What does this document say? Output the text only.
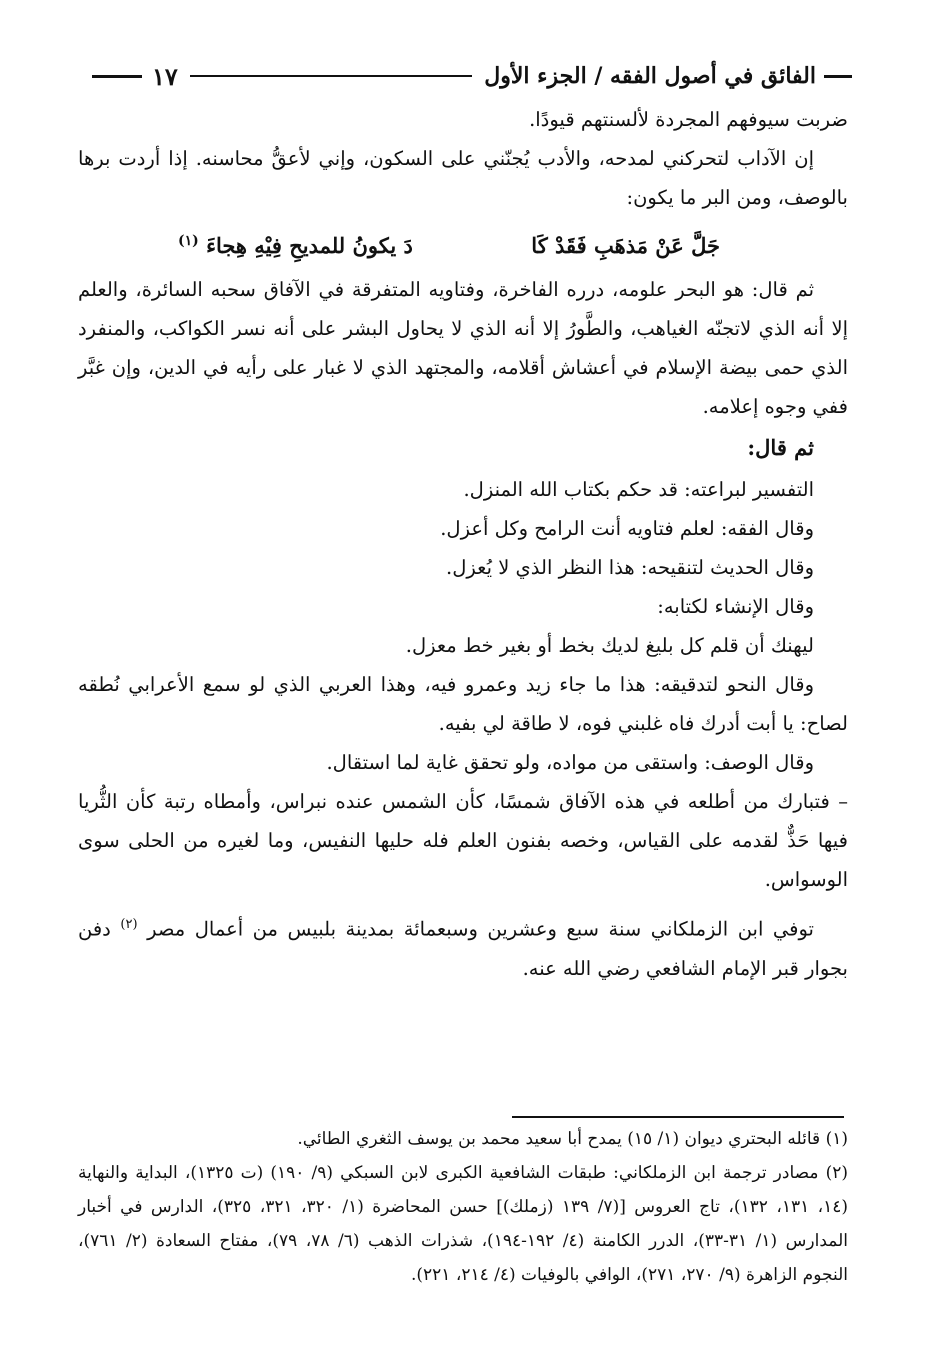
الفائق في أصول الفقه / الجزء الأول
١٧

ضربت سيوفهم المجردة لألسنتهم قيودًا.

إن الآداب لتحركني لمدحه، والأدب يُجنّني على السكون، وإني لأعقُّ محاسنه. إذا أردت برها بالوصف، ومن البر ما يكون:

جَلَّ عَنْ مَذهَبِ فَقَدْ كَا
دَ يكونُ للمديحِ فِيْهِ هِجاءَ $^{(١)}$

ثم قال: هو البحر علومه، درره الفاخرة، وفتاويه المتفرقة في الآفاق سحبه السائرة، والعلم إلا أنه الذي لاتجنّه الغياهب، والطَّورُ إلا أنه الذي لا يحاول البشر على أنه نسر الكواكب، والمنفرد الذي حمى بيضة الإسلام في أعشاش أقلامه، والمجتهد الذي لا غبار على رأيه في الدين، وإن غبَّر ففي وجوه إعلامه.

ثم قال:

التفسير لبراعته: قد حكم بكتاب الله المنزل.

وقال الفقه: لعلم فتاويه أنت الرامح وكل أعزل.

وقال الحديث لتنقيحه: هذا النظر الذي لا يُعزل.

وقال الإنشاء لكتابه:

ليهنك أن قلم كل بليغ لديك بخط أو بغير خط معزل.

وقال النحو لتدقيقه: هذا ما جاء زيد وعمرو فيه، وهذا العربي الذي لو سمع الأعرابي نُطقه لصاح: يا أبت أدرك فاه غلبني فوه، لا طاقة لي بفيه.

وقال الوصف: واستقى من مواده، ولو تحقق غاية لما استقال.

– فتبارك من أطلعه في هذه الآفاق شمسًا، كأن الشمس عنده نبراس، وأمطاه رتبة كأن الثُّريا فيها حَذٌّ لقدمه على القياس، وخصه بفنون العلم فله حليها النفيس، وما لغيره من الحلى سوى الوسواس.

توفي ابن الزملكاني سنة سبع وعشرين وسبعمائة بمدينة بلبيس من أعمال مصر $^{(٢)}$ دفن بجوار قبر الإمام الشافعي رضي الله عنه.

(١) قائله البحتري ديوان (١/ ١٥) يمدح أبا سعيد محمد بن يوسف الثغري الطائي.

(٢) مصادر ترجمة ابن الزملكاني: طبقات الشافعية الكبرى لابن السبكي (٩/ ١٩٠) (ت ١٣٢٥)، البداية والنهاية (١٤، ١٣١، ١٣٢)، تاج العروس [(٧/ ١٣٩ (زملك)] حسن المحاضرة (١/ ٣٢٠، ٣٢١، ٣٢٥)، الدارس في أخبار المدارس (١/ ٣١-٣٣)، الدرر الكامنة (٤/ ١٩٢-١٩٤)، شذرات الذهب (٦/ ٧٨، ٧٩)، مفتاح السعادة (٢/ ٧٦١)، النجوم الزاهرة (٩/ ٢٧٠، ٢٧١)، الوافي بالوفيات (٤/ ٢١٤، ٢٢١).
